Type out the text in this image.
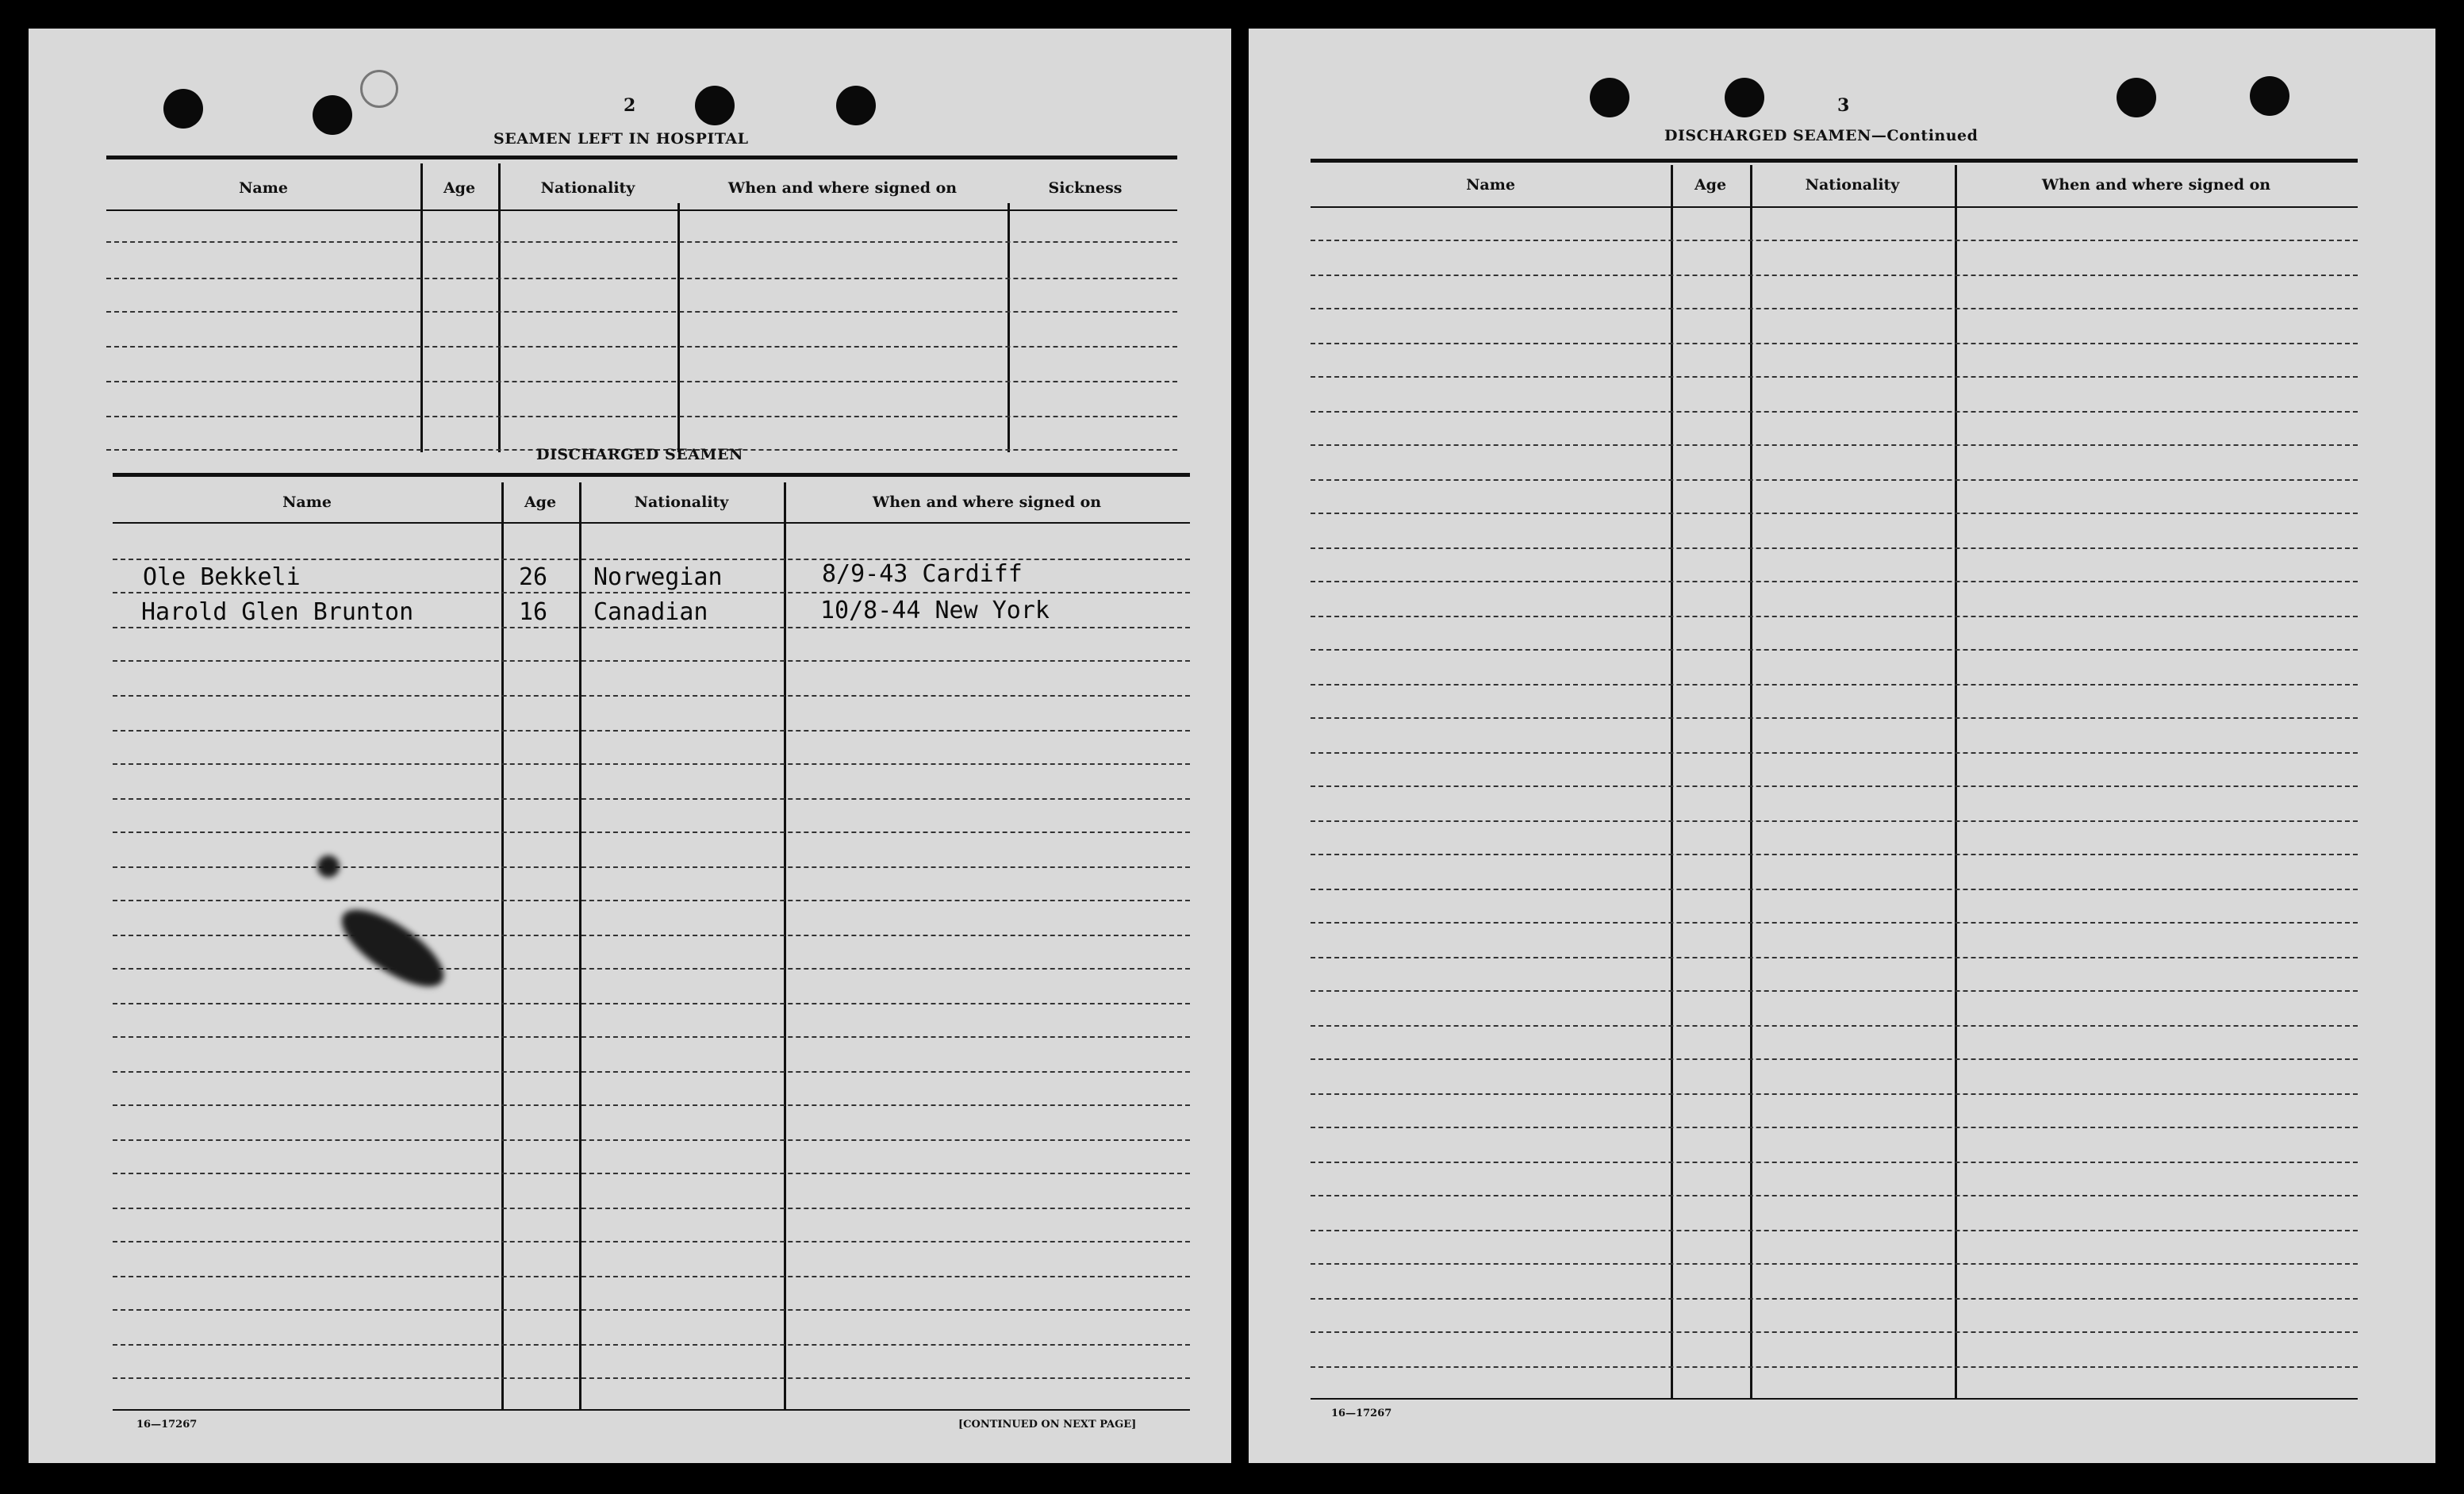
2
SEAMEN LEFT IN HOSPITAL
Name	Age	Nationality	When and where signed on	Sickness
DISCHARGED SEAMEN
Name	Age	Nationality	When and where signed on
Ole Bekkeli	26 Norwegian	8/9-43 Cardiff
Harold Glen Brunton	16 Canadian	10/8-44 New York
16—17267	[CONTINUED ON NEXT PAGE]
3
DISCHARGED SEAMEN—Continued
Name	Age	Nationality	When and where signed on
16—17267
